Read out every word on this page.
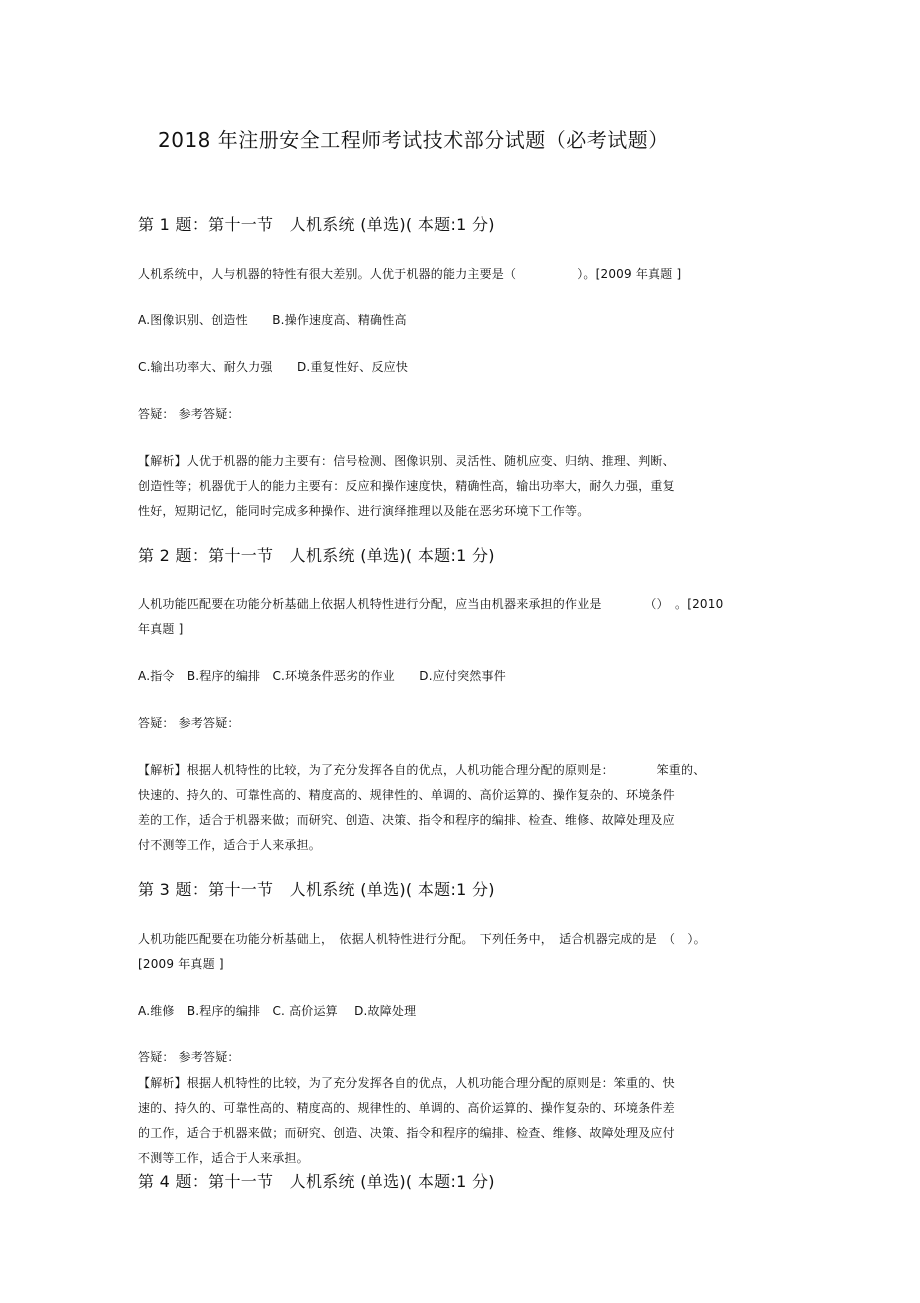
2018 年注册安全工程师考试技术部分试题（必考试题）
第 1 题：第十一节　人机系统 (单选)( 本题:1 分)
人机系统中，人与机器的特性有很大差别。人优于机器的能力主要是（　　　　　）。[2009 年真题 ]
A.图像识别、创造性　　B.操作速度高、精确性高
C.输出功率大、耐久力强　　D.重复性好、反应快
答疑： 参考答疑：
【解析】人优于机器的能力主要有：信号检测、图像识别、灵活性、随机应变、归纳、推理、判断、
创造性等；机器优于人的能力主要有：反应和操作速度快，精确性高，输出功率大，耐久力强，重复
性好，短期记忆，能同时完成多种操作、进行演绎推理以及能在恶劣环境下工作等。
第 2 题：第十一节　人机系统 (单选)( 本题:1 分)
人机功能匹配要在功能分析基础上依据人机特性进行分配，应当由机器来承担的作业是　　　　（）　。[2010
年真题 ]
A.指令　B.程序的编排　C.环境条件恶劣的作业　　D.应付突然事件
答疑： 参考答疑：
【解析】根据人机特性的比较，为了充分发挥各自的优点，人机功能合理分配的原则是：　　　　笨重的、
快速的、持久的、可靠性高的、精度高的、规律性的、单调的、高价运算的、操作复杂的、环境条件
差的工作，适合于机器来做；而研究、创造、决策、指令和程序的编排、检查、维修、故障处理及应
付不测等工作，适合于人来承担。
第 3 题：第十一节　人机系统 (单选)( 本题:1 分)
人机功能匹配要在功能分析基础上，　依据人机特性进行分配。　下列任务中，　适合机器完成的是　（　）。
[2009 年真题 ]
A.维修　B.程序的编排　C. 高价运算　 D.故障处理
答疑： 参考答疑：
【解析】根据人机特性的比较，为了充分发挥各自的优点，人机功能合理分配的原则是：笨重的、快
速的、持久的、可靠性高的、精度高的、规律性的、单调的、高价运算的、操作复杂的、环境条件差
的工作，适合于机器来做；而研究、创造、决策、指令和程序的编排、检查、维修、故障处理及应付
不测等工作，适合于人来承担。
第 4 题：第十一节　人机系统 (单选)( 本题:1 分)
